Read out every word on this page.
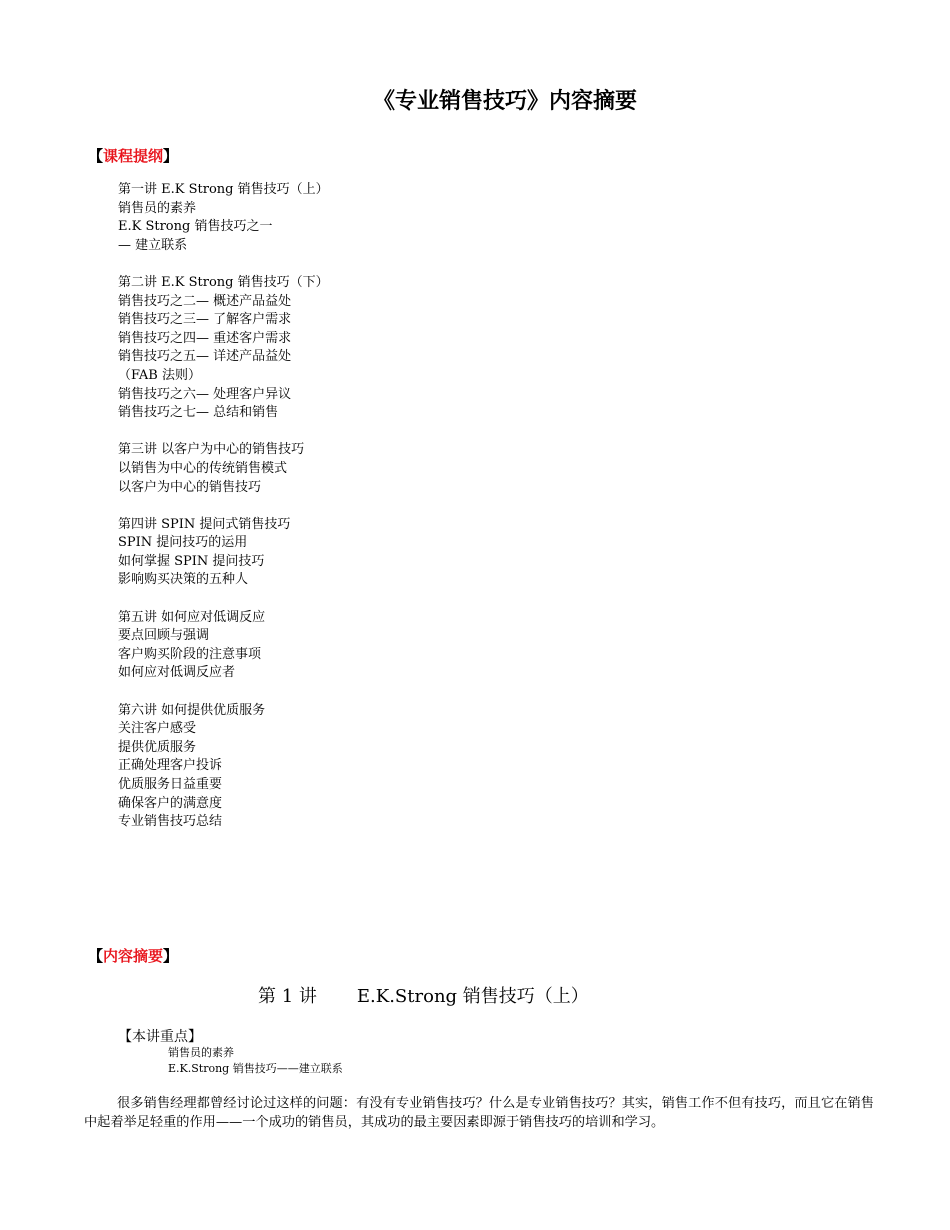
《专业销售技巧》内容摘要
【课程提纲】
第一讲 E.K Strong 销售技巧（上）
销售员的素养
E.K Strong 销售技巧之一
— 建立联系
第二讲 E.K Strong 销售技巧（下）
销售技巧之二— 概述产品益处
销售技巧之三— 了解客户需求
销售技巧之四— 重述客户需求
销售技巧之五— 详述产品益处
（FAB 法则）
销售技巧之六— 处理客户异议
销售技巧之七— 总结和销售
第三讲 以客户为中心的销售技巧
以销售为中心的传统销售模式
以客户为中心的销售技巧
第四讲 SPIN 提问式销售技巧
SPIN 提问技巧的运用
如何掌握 SPIN 提问技巧
影响购买决策的五种人
第五讲 如何应对低调反应
要点回顾与强调
客户购买阶段的注意事项
如何应对低调反应者
第六讲 如何提供优质服务
关注客户感受
提供优质服务
正确处理客户投诉
优质服务日益重要
确保客户的满意度
专业销售技巧总结
【内容摘要】
第 1 讲 E.K.Strong 销售技巧（上）
【本讲重点】
销售员的素养
E.K.Strong 销售技巧——建立联系
很多销售经理都曾经讨论过这样的问题：有没有专业销售技巧？什么是专业销售技巧？其实，销售工作不但有技巧，而且它在销售中起着举足轻重的作用——一个成功的销售员，其成功的最主要因素即源于销售技巧的培训和学习。
